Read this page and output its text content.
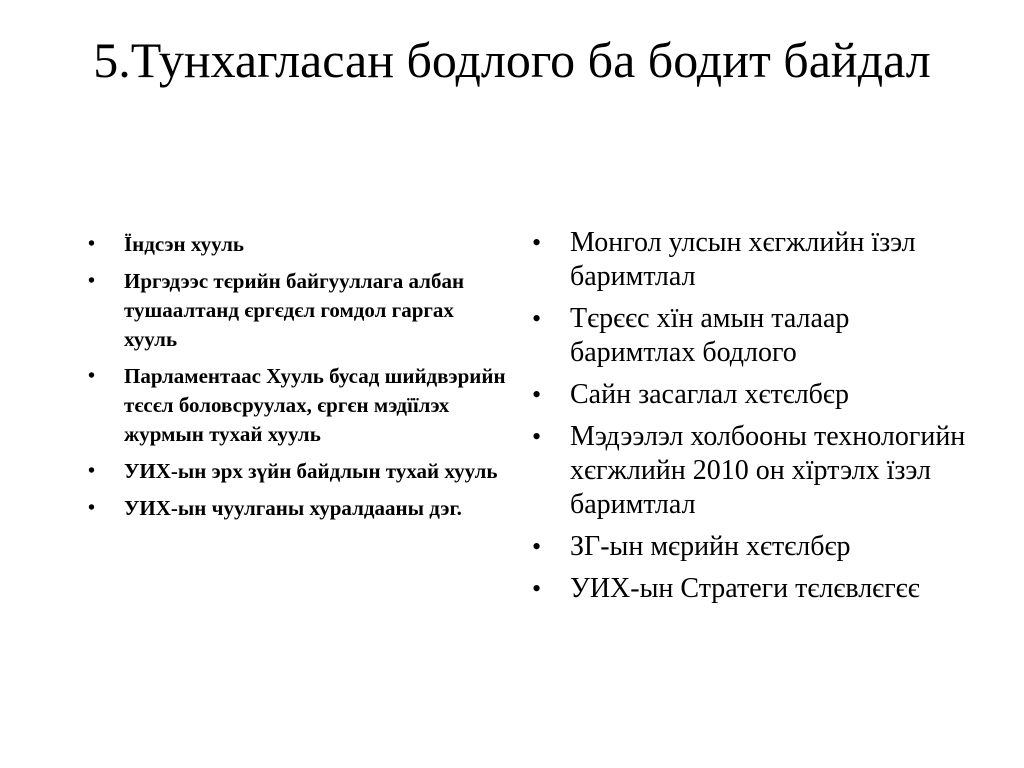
5.Тунхагласан бодлого ба бодит байдал
• Їндсэн хууль
• Иргэдээс тєрийн байгууллага албан тушаалтанд єргєдєл гомдол гаргах хууль
• Парламентаас Хууль бусад шийдвэрийн тєсєл боловсруулах, єргєн мэдїїлэх журмын тухай хууль
• УИХ-ын эрх зүйн байдлын тухай хууль
• УИХ-ын чуулганы хуралдааны дэг.
• Монгол улсын хєгжлийн їзэл баримтлал
• Тєрєєс хїн амын талаар баримтлах бодлого
• Сайн засаглал хєтєлбєр
• Мэдээлэл холбооны технологийн хєгжлийн 2010 он хїртэлх їзэл баримтлал
• ЗГ-ын мєрийн хєтєлбєр
• УИХ-ын Стратеги тєлєвлєгєє
